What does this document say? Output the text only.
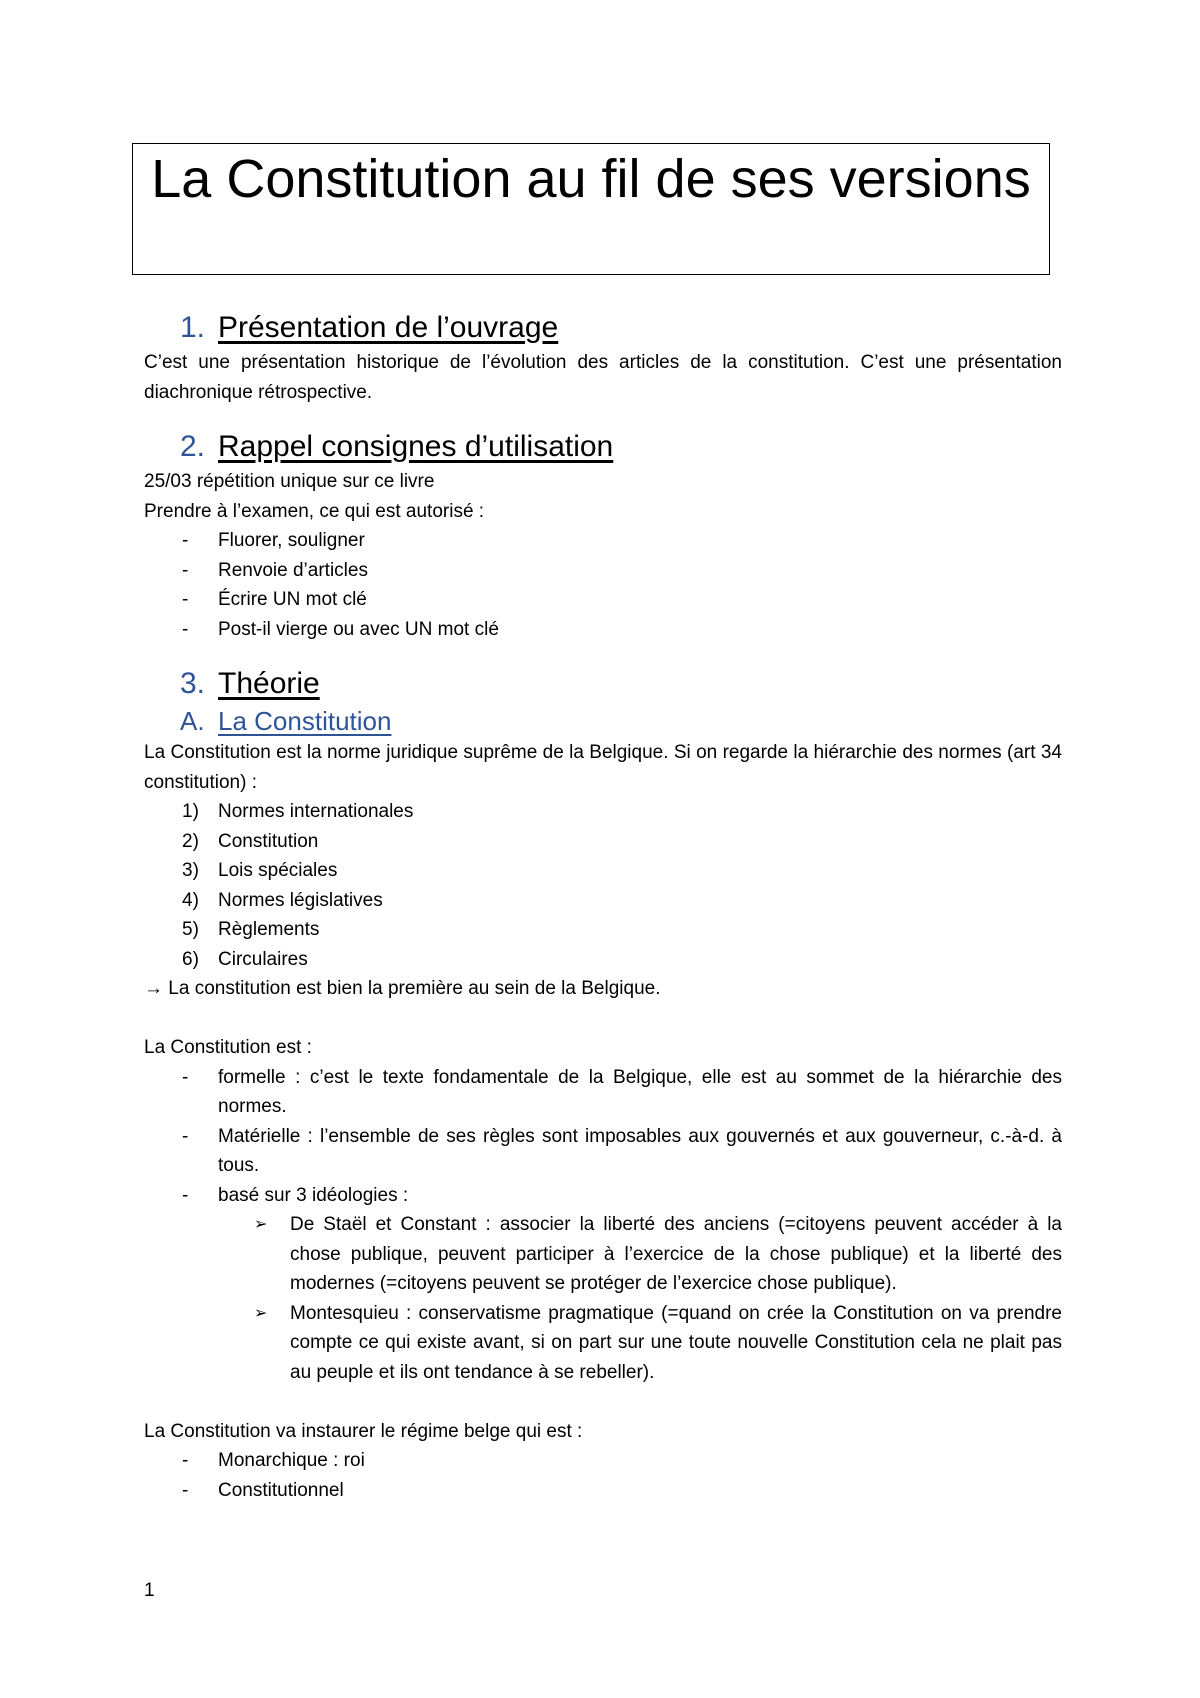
La Constitution au fil de ses versions
1. Présentation de l’ouvrage

C’est une présentation historique de l’évolution des articles de la constitution. C’est une présentation diachronique rétrospective.

2. Rappel consignes d’utilisation

25/03 répétition unique sur ce livre

Prendre à l’examen, ce qui est autorisé :

- Fluorer, souligner
- Renvoie d’articles
- Écrire UN mot clé
- Post-il vierge ou avec UN mot clé
3. Théorie
A. La Constitution

La Constitution est la norme juridique suprême de la Belgique. Si on regarde la hiérarchie des normes (art 34 constitution) :

1) Normes internationales
2) Constitution
3) Lois spéciales
4) Normes législatives
5) Règlements
6) Circulaires

→ La constitution est bien la première au sein de la Belgique.

La Constitution est :

- formelle : c’est le texte fondamentale de la Belgique, elle est au sommet de la hiérarchie des normes.
- Matérielle : l’ensemble de ses règles sont imposables aux gouvernés et aux gouverneur, c.-à-d. à tous.
- basé sur 3 idéologies :
➢ De Staël et Constant : associer la liberté des anciens (=citoyens peuvent accéder à la chose publique, peuvent participer à l’exercice de la chose publique) et la liberté des modernes (=citoyens peuvent se protéger de l’exercice chose publique).
➢ Montesquieu : conservatisme pragmatique (=quand on crée la Constitution on va prendre compte ce qui existe avant, si on part sur une toute nouvelle Constitution cela ne plait pas au peuple et ils ont tendance à se rebeller).

La Constitution va instaurer le régime belge qui est :

- Monarchique : roi
- Constitutionnel
1
